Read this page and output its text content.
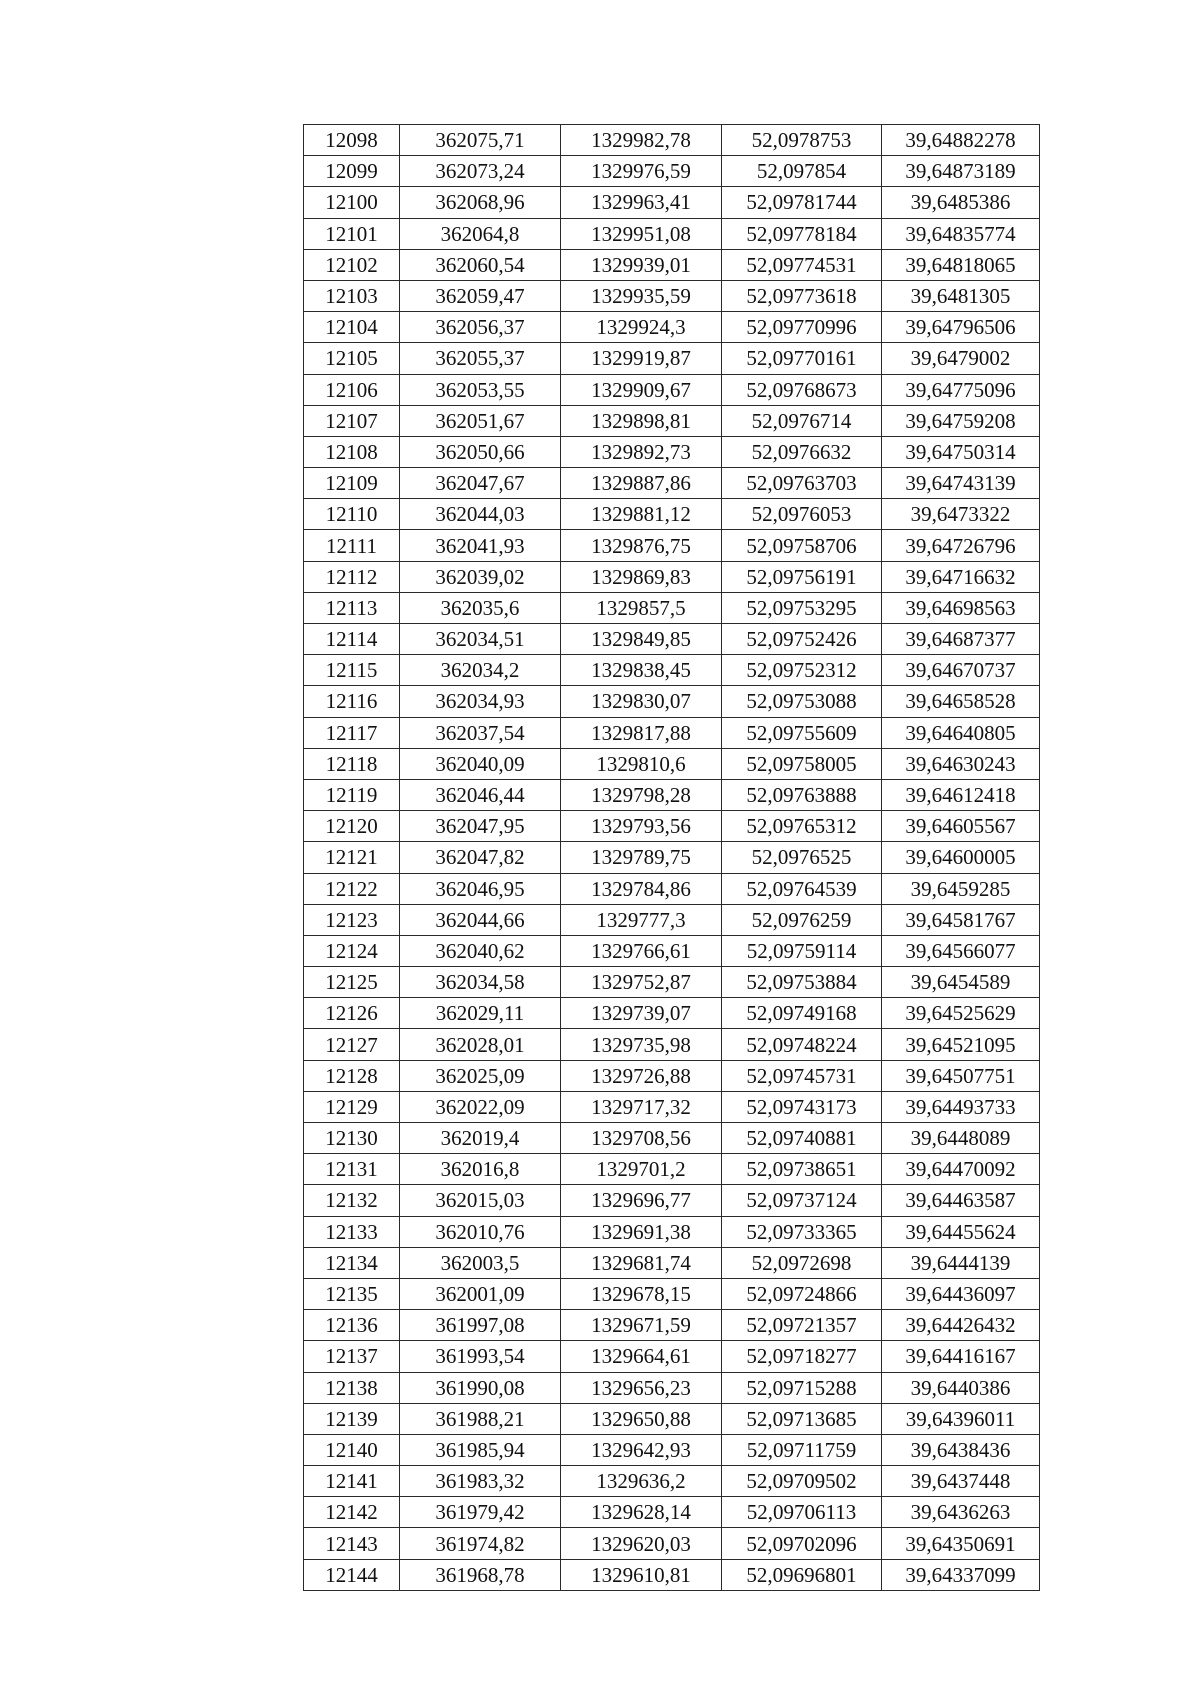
12098	362075,71	1329982,78	52,0978753	39,64882278
12099	362073,24	1329976,59	52,097854	39,64873189
12100	362068,96	1329963,41	52,09781744	39,6485386
12101	362064,8	1329951,08	52,09778184	39,64835774
12102	362060,54	1329939,01	52,09774531	39,64818065
12103	362059,47	1329935,59	52,09773618	39,6481305
12104	362056,37	1329924,3	52,09770996	39,64796506
12105	362055,37	1329919,87	52,09770161	39,6479002
12106	362053,55	1329909,67	52,09768673	39,64775096
12107	362051,67	1329898,81	52,0976714	39,64759208
12108	362050,66	1329892,73	52,0976632	39,64750314
12109	362047,67	1329887,86	52,09763703	39,64743139
12110	362044,03	1329881,12	52,0976053	39,6473322
12111	362041,93	1329876,75	52,09758706	39,64726796
12112	362039,02	1329869,83	52,09756191	39,64716632
12113	362035,6	1329857,5	52,09753295	39,64698563
12114	362034,51	1329849,85	52,09752426	39,64687377
12115	362034,2	1329838,45	52,09752312	39,64670737
12116	362034,93	1329830,07	52,09753088	39,64658528
12117	362037,54	1329817,88	52,09755609	39,64640805
12118	362040,09	1329810,6	52,09758005	39,64630243
12119	362046,44	1329798,28	52,09763888	39,64612418
12120	362047,95	1329793,56	52,09765312	39,64605567
12121	362047,82	1329789,75	52,0976525	39,64600005
12122	362046,95	1329784,86	52,09764539	39,6459285
12123	362044,66	1329777,3	52,0976259	39,64581767
12124	362040,62	1329766,61	52,09759114	39,64566077
12125	362034,58	1329752,87	52,09753884	39,6454589
12126	362029,11	1329739,07	52,09749168	39,64525629
12127	362028,01	1329735,98	52,09748224	39,64521095
12128	362025,09	1329726,88	52,09745731	39,64507751
12129	362022,09	1329717,32	52,09743173	39,64493733
12130	362019,4	1329708,56	52,09740881	39,6448089
12131	362016,8	1329701,2	52,09738651	39,64470092
12132	362015,03	1329696,77	52,09737124	39,64463587
12133	362010,76	1329691,38	52,09733365	39,64455624
12134	362003,5	1329681,74	52,0972698	39,6444139
12135	362001,09	1329678,15	52,09724866	39,64436097
12136	361997,08	1329671,59	52,09721357	39,64426432
12137	361993,54	1329664,61	52,09718277	39,64416167
12138	361990,08	1329656,23	52,09715288	39,6440386
12139	361988,21	1329650,88	52,09713685	39,64396011
12140	361985,94	1329642,93	52,09711759	39,6438436
12141	361983,32	1329636,2	52,09709502	39,6437448
12142	361979,42	1329628,14	52,09706113	39,6436263
12143	361974,82	1329620,03	52,09702096	39,64350691
12144	361968,78	1329610,81	52,09696801	39,64337099
